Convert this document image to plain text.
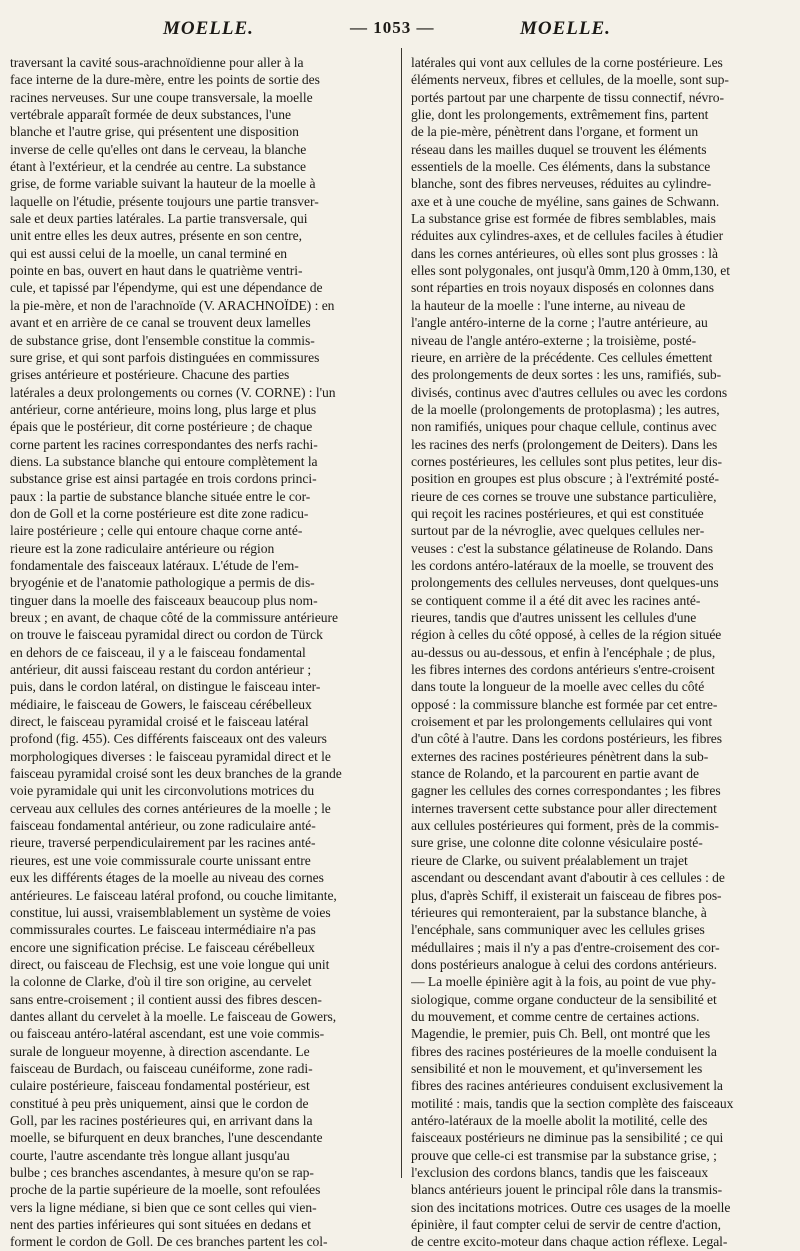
MOELLE.	— 1053 —	MOELLE.
traversant la cavité sous-arachnoïdienne pour aller à la
face interne de la dure-mère, entre les points de sortie des
racines nerveuses. Sur une coupe transversale, la moelle
vertébrale apparaît formée de deux substances, l'une
blanche et l'autre grise, qui présentent une disposition
inverse de celle qu'elles ont dans le cerveau, la blanche
étant à l'extérieur, et la cendrée au centre. La substance
grise, de forme variable suivant la hauteur de la moelle à
laquelle on l'étudie, présente toujours une partie transver-
sale et deux parties latérales. La partie transversale, qui
unit entre elles les deux autres, présente en son centre,
qui est aussi celui de la moelle, un canal terminé en
pointe en bas, ouvert en haut dans le quatrième ventri-
cule, et tapissé par l'épendyme, qui est une dépendance de
la pie-mère, et non de l'arachnoïde (V. ARACHNOÏDE) : en
avant et en arrière de ce canal se trouvent deux lamelles
de substance grise, dont l'ensemble constitue la commis-
sure grise, et qui sont parfois distinguées en commissures
grises antérieure et postérieure. Chacune des parties
latérales a deux prolongements ou cornes (V. CORNE) : l'un
antérieur, corne antérieure, moins long, plus large et plus
épais que le postérieur, dit corne postérieure ; de chaque
corne partent les racines correspondantes des nerfs rachi-
diens. La substance blanche qui entoure complètement la
substance grise est ainsi partagée en trois cordons princi-
paux : la partie de substance blanche située entre le cor-
don de Goll et la corne postérieure est dite zone radicu-
laire postérieure ; celle qui entoure chaque corne anté-
rieure est la zone radiculaire antérieure ou région
fondamentale des faisceaux latéraux. L'étude de l'em-
bryogénie et de l'anatomie pathologique a permis de dis-
tinguer dans la moelle des faisceaux beaucoup plus nom-
breux ; en avant, de chaque côté de la commissure antérieure
on trouve le faisceau pyramidal direct ou cordon de Türck
en dehors de ce faisceau, il y a le faisceau fondamental
antérieur, dit aussi faisceau restant du cordon antérieur ;
puis, dans le cordon latéral, on distingue le faisceau inter-
médiaire, le faisceau de Gowers, le faisceau cérébelleux
direct, le faisceau pyramidal croisé et le faisceau latéral
profond (fig. 455). Ces différents faisceaux ont des valeurs
morphologiques diverses : le faisceau pyramidal direct et le
faisceau pyramidal croisé sont les deux branches de la grande
voie pyramidale qui unit les circonvolutions motrices du
cerveau aux cellules des cornes antérieures de la moelle ; le
faisceau fondamental antérieur, ou zone radiculaire anté-
rieure, traversé perpendiculairement par les racines anté-
rieures, est une voie commissurale courte unissant entre
eux les différents étages de la moelle au niveau des cornes
antérieures. Le faisceau latéral profond, ou couche limitante,
constitue, lui aussi, vraisemblablement un système de voies
commissurales courtes. Le faisceau intermédiaire n'a pas
encore une signification précise. Le faisceau cérébelleux
direct, ou faisceau de Flechsig, est une voie longue qui unit
la colonne de Clarke, d'où il tire son origine, au cervelet
sans entre-croisement ; il contient aussi des fibres descen-
dantes allant du cervelet à la moelle. Le faisceau de Gowers,
ou faisceau antéro-latéral ascendant, est une voie commis-
surale de longueur moyenne, à direction ascendante. Le
faisceau de Burdach, ou faisceau cunéiforme, zone radi-
culaire postérieure, faisceau fondamental postérieur, est
constitué à peu près uniquement, ainsi que le cordon de
Goll, par les racines postérieures qui, en arrivant dans la
moelle, se bifurquent en deux branches, l'une descendante
courte, l'autre ascendante très longue allant jusqu'au
bulbe ; ces branches ascendantes, à mesure qu'on se rap-
proche de la partie supérieure de la moelle, sont refoulées
vers la ligne médiane, si bien que ce sont celles qui vien-
nent des parties inférieures qui sont situées en dedans et
forment le cordon de Goll. De ces branches partent les col-
latérales qui vont aux cellules de la corne postérieure. Les
éléments nerveux, fibres et cellules, de la moelle, sont sup-
portés partout par une charpente de tissu connectif, névro-
glie, dont les prolongements, extrêmement fins, partent
de la pie-mère, pénètrent dans l'organe, et forment un
réseau dans les mailles duquel se trouvent les éléments
essentiels de la moelle. Ces éléments, dans la substance
blanche, sont des fibres nerveuses, réduites au cylindre-
axe et à une couche de myéline, sans gaines de Schwann.
La substance grise est formée de fibres semblables, mais
réduites aux cylindres-axes, et de cellules faciles à étudier
dans les cornes antérieures, où elles sont plus grosses : là
elles sont polygonales, ont jusqu'à 0mm,120 à 0mm,130, et
sont réparties en trois noyaux disposés en colonnes dans
la hauteur de la moelle : l'une interne, au niveau de
l'angle antéro-interne de la corne ; l'autre antérieure, au
niveau de l'angle antéro-externe ; la troisième, posté-
rieure, en arrière de la précédente. Ces cellules émettent
des prolongements de deux sortes : les uns, ramifiés, sub-
divisés, continus avec d'autres cellules ou avec les cordons
de la moelle (prolongements de protoplasma) ; les autres,
non ramifiés, uniques pour chaque cellule, continus avec
les racines des nerfs (prolongement de Deiters). Dans les
cornes postérieures, les cellules sont plus petites, leur dis-
position en groupes est plus obscure ; à l'extrémité posté-
rieure de ces cornes se trouve une substance particulière,
qui reçoit les racines postérieures, et qui est constituée
surtout par de la névroglie, avec quelques cellules ner-
veuses : c'est la substance gélatineuse de Rolando. Dans
les cordons antéro-latéraux de la moelle, se trouvent des
prolongements des cellules nerveuses, dont quelques-uns
se contiquent comme il a été dit avec les racines anté-
rieures, tandis que d'autres unissent les cellules d'une
région à celles du côté opposé, à celles de la région située
au-dessus ou au-dessous, et enfin à l'encéphale ; de plus,
les fibres internes des cordons antérieurs s'entre-croisent
dans toute la longueur de la moelle avec celles du côté
opposé : la commissure blanche est formée par cet entre-
croisement et par les prolongements cellulaires qui vont
d'un côté à l'autre. Dans les cordons postérieurs, les fibres
externes des racines postérieures pénètrent dans la sub-
stance de Rolando, et la parcourent en partie avant de
gagner les cellules des cornes correspondantes ; les fibres
internes traversent cette substance pour aller directement
aux cellules postérieures qui forment, près de la commis-
sure grise, une colonne dite colonne vésiculaire posté-
rieure de Clarke, ou suivent préalablement un trajet
ascendant ou descendant avant d'aboutir à ces cellules : de
plus, d'après Schiff, il existerait un faisceau de fibres pos-
térieures qui remonteraient, par la substance blanche, à
l'encéphale, sans communiquer avec les cellules grises
médullaires ; mais il n'y a pas d'entre-croisement des cor-
dons postérieurs analogue à celui des cordons antérieurs.
— La moelle épinière agit à la fois, au point de vue phy-
siologique, comme organe conducteur de la sensibilité et
du mouvement, et comme centre de certaines actions.
Magendie, le premier, puis Ch. Bell, ont montré que les
fibres des racines postérieures de la moelle conduisent la
sensibilité et non le mouvement, et qu'inversement les
fibres des racines antérieures conduisent exclusivement la
motilité : mais, tandis que la section complète des faisceaux
antéro-latéraux de la moelle abolit la motilité, celle des
faisceaux postérieurs ne diminue pas la sensibilité ; ce qui
prouve que celle-ci est transmise par la substance grise, ;
l'exclusion des cordons blancs, tandis que les faisceaux
blancs antérieurs jouent le principal rôle dans la transmis-
sion des incitations motrices. Outre ces usages de la moelle
épinière, il faut compter celui de servir de centre d'action,
de centre excito-moteur dans chaque action réflexe. Legal-
